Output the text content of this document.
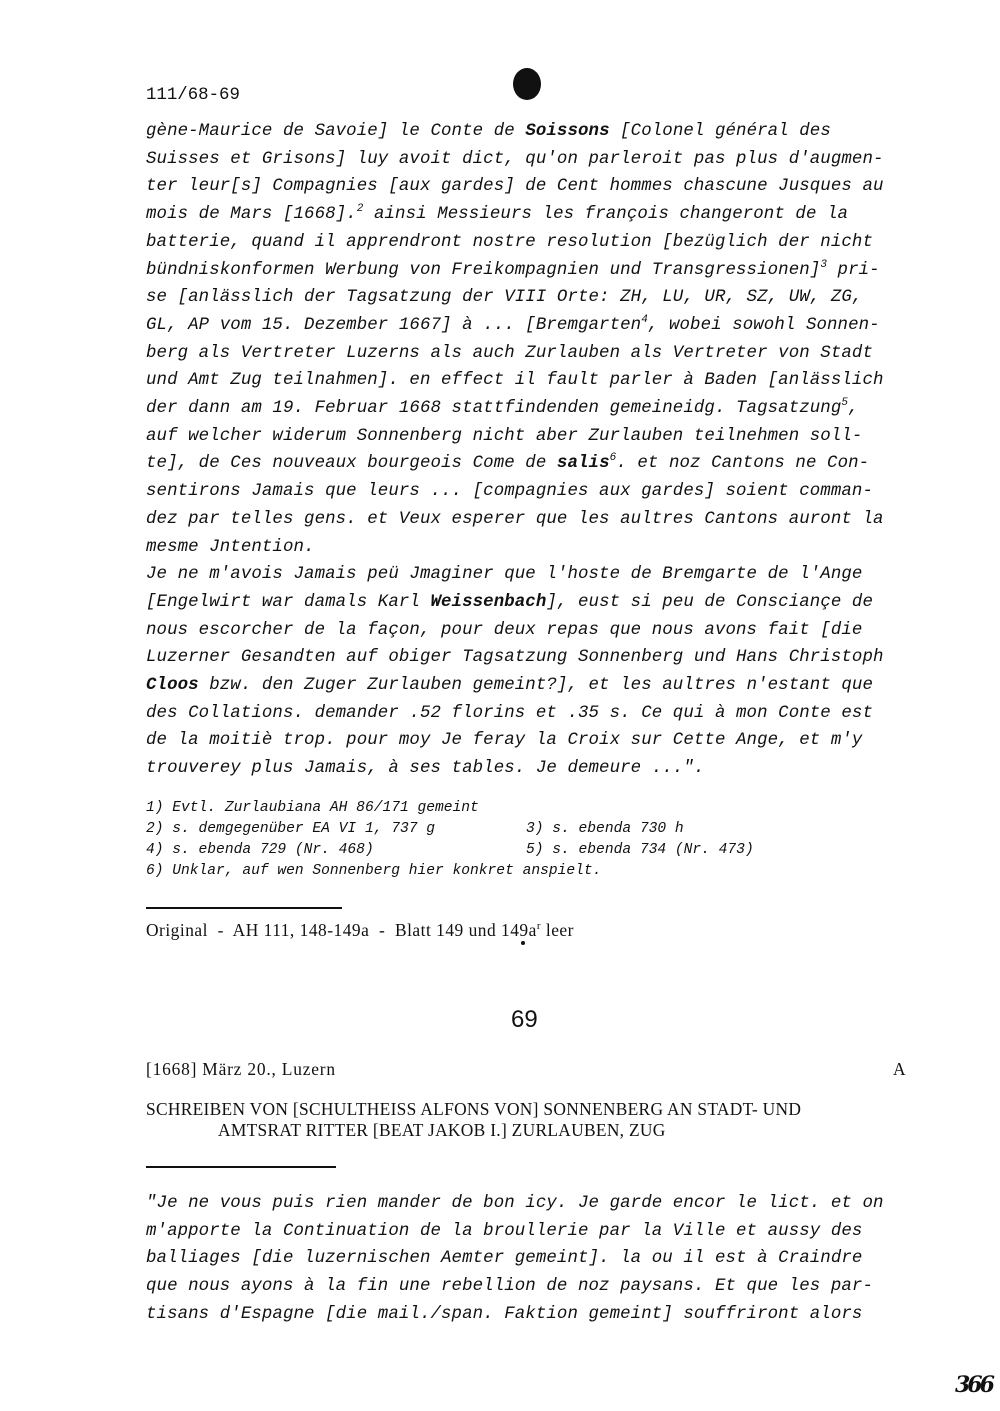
111/68-69
gène-Maurice de Savoie] le Conte de Soissons [Colonel général des
Suisses et Grisons] luy avoit dict, qu'on parleroit pas plus d'augmen-
ter leur[s] Compagnies [aux gardes] de Cent hommes chascune Jusques au
mois de Mars [1668].$^2$ ainsi Messieurs les françois changeront de la
batterie, quand il apprendront nostre resolution [bezüglich der nicht
bündniskonformen Werbung von Freikompagnien und Transgressionen]$^3$ pri-
se [anlässlich der Tagsatzung der VIII Orte: ZH, LU, UR, SZ, UW, ZG,
GL, AP vom 15. Dezember 1667] à ... [Bremgarten$^4$, wobei sowohl Sonnen-
berg als Vertreter Luzerns als auch Zurlauben als Vertreter von Stadt
und Amt Zug teilnahmen]. en effect il fault parler à Baden [anlässlich
der dann am 19. Februar 1668 stattfindenden gemeineidg. Tagsatzung$^5$,
auf welcher widerum Sonnenberg nicht aber Zurlauben teilnehmen soll-
te], de Ces nouveaux bourgeois Come de salis$^6$. et noz Cantons ne Con-
sentirons Jamais que leurs ... [compagnies aux gardes] soient comman-
dez par telles gens. et Veux esperer que les aultres Cantons auront la
mesme Jntention.
Je ne m'avois Jamais peü Jmaginer que l'hoste de Bremgarte de l'Ange
[Engelwirt war damals Karl Weissenbach], eust si peu de Consciançe de
nous escorcher de la façon, pour deux repas que nous avons fait [die
Luzerner Gesandten auf obiger Tagsatzung Sonnenberg und Hans Christoph
Cloos bzw. den Zuger Zurlauben gemeint?], et les aultres n'estant que
des Collations. demander .52 florins et .35 s. Ce qui à mon Conte est
de la moitiè trop. pour moy Je feray la Croix sur Cette Ange, et m'y
trouverey plus Jamais, à ses tables. Je demeure ...".
1) Evtl. Zurlaubiana AH 86/171 gemeint
2) s. demgegenüber EA VI 1, 737 g	3) s. ebenda 730 h
4) s. ebenda 729 (Nr. 468)	5) s. ebenda 734 (Nr. 473)
6) Unklar, auf wen Sonnenberg hier konkret anspielt.
Original  -  AH 111, 148-149a  -  Blatt 149 und $149a^r$ leer
69
[1668] März 20., Luzern	A
SCHREIBEN VON [SCHULTHEISS ALFONS VON] SONNENBERG AN STADT- UND
AMTSRAT RITTER [BEAT JAKOB I.] ZURLAUBEN, ZUG
"Je ne vous puis rien mander de bon icy. Je garde encor le lict. et on
m'apporte la Continuation de la broullerie par la Ville et aussy des
balliages [die luzernischen Aemter gemeint]. la ou il est à Craindre
que nous ayons à la fin une rebellion de noz paysans. Et que les par-
tisans d'Espagne [die mail./span. Faktion gemeint] souffriront alors
366
